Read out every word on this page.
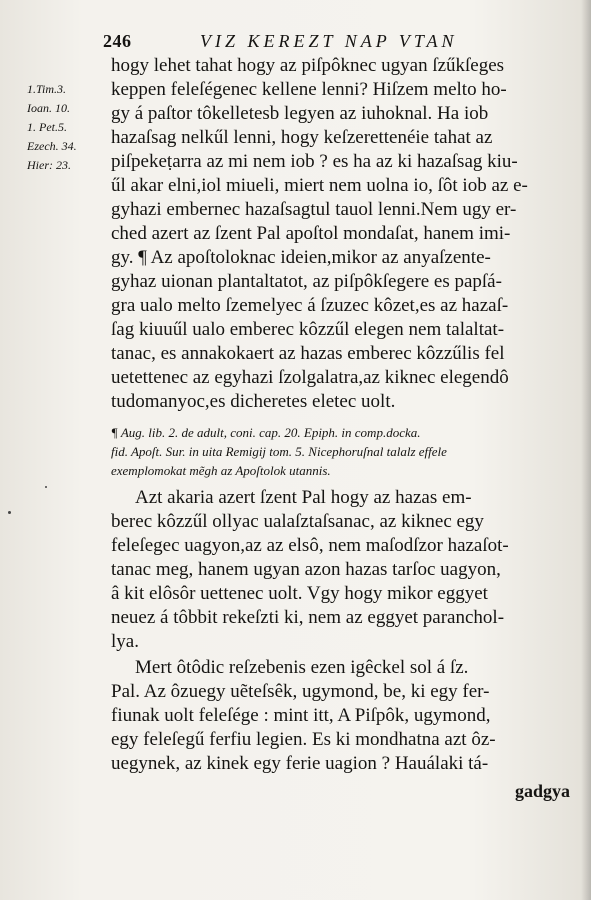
246	VIZ KEREZT NAP VTAN
1.Tim.3.
Ioan. 10.
1. Pet.5.
Ezech. 34.
Hier: 23.
hogy lehet tahat hogy az piſpôknec ugyan ſzűkſeges
keppen feleſégenec kellene lenni? Hiſzem melto ho-
gy á paſtor tôkelletesb legyen az iuhoknal. Ha iob
hazaſsag nelkűl lenni, hogy keſzerettenéie tahat az
piſpekeṭarra az mi nem iob ? es ha az ki hazaſsag kiu-
űl akar elni,iol miueli, miert nem uolna io, ſôt iob az e-
gyhazi embernec hazaſsagtul tauol lenni.Nem ugy er-
ched azert az ſzent Pal apoſtol mondaſat, hanem imi-
gy. ¶ Az apoſtoloknac ideien,mikor az anyaſzente-
gyhaz uionan plantaltatot, az piſpôkſegere es papſá-
gra ualo melto ſzemelyec á ſzuzec kôzet,es az hazaſ-
ſag kiuuűl ualo emberec kôzzűl elegen nem talaltat-
tanac, es annakokaert az hazas emberec kôzzűlis fel
uetettenec az egyhazi ſzolgalatra,az kiknec elegendô
tudomanyoc,es dicheretes eletec uolt.
¶ Aug. lib. 2. de adult, coni. cap. 20. Epiph. in comp.docka.
fid. Apoſt. Sur. in uita Remigij tom. 5. Nicephoruſnal talalz effele
exemplomokat mẽgh az Apoſtolok utannis.
Azt akaria azert ſzent Pal hogy az hazas em-
berec kôzzűl ollyac ualaſztaſsanac, az kiknec egy
feleſegec uagyon,az az elsô, nem maſodſzor hazaſot-
tanac meg, hanem ugyan azon hazas tarſoc uagyon,
â kit elôsôr uettenec uolt. Vgy hogy mikor eggyet
neuez á tôbbit rekeſzti ki, nem az eggyet paranchol-
lya.
Mert ôtôdic reſzebenis ezen igêckel sol á ſz.
Pal. Az ôzuegy uẽteſsêk, ugymond, be, ki egy fer-
fiunak uolt feleſége : mint itt, A Piſpôk, ugymond,
egy feleſegű ferfiu legien. Es ki mondhatna azt ôz-
uegynek, az kinek egy ferie uagion ? Hauálaki tá-
gadgya
